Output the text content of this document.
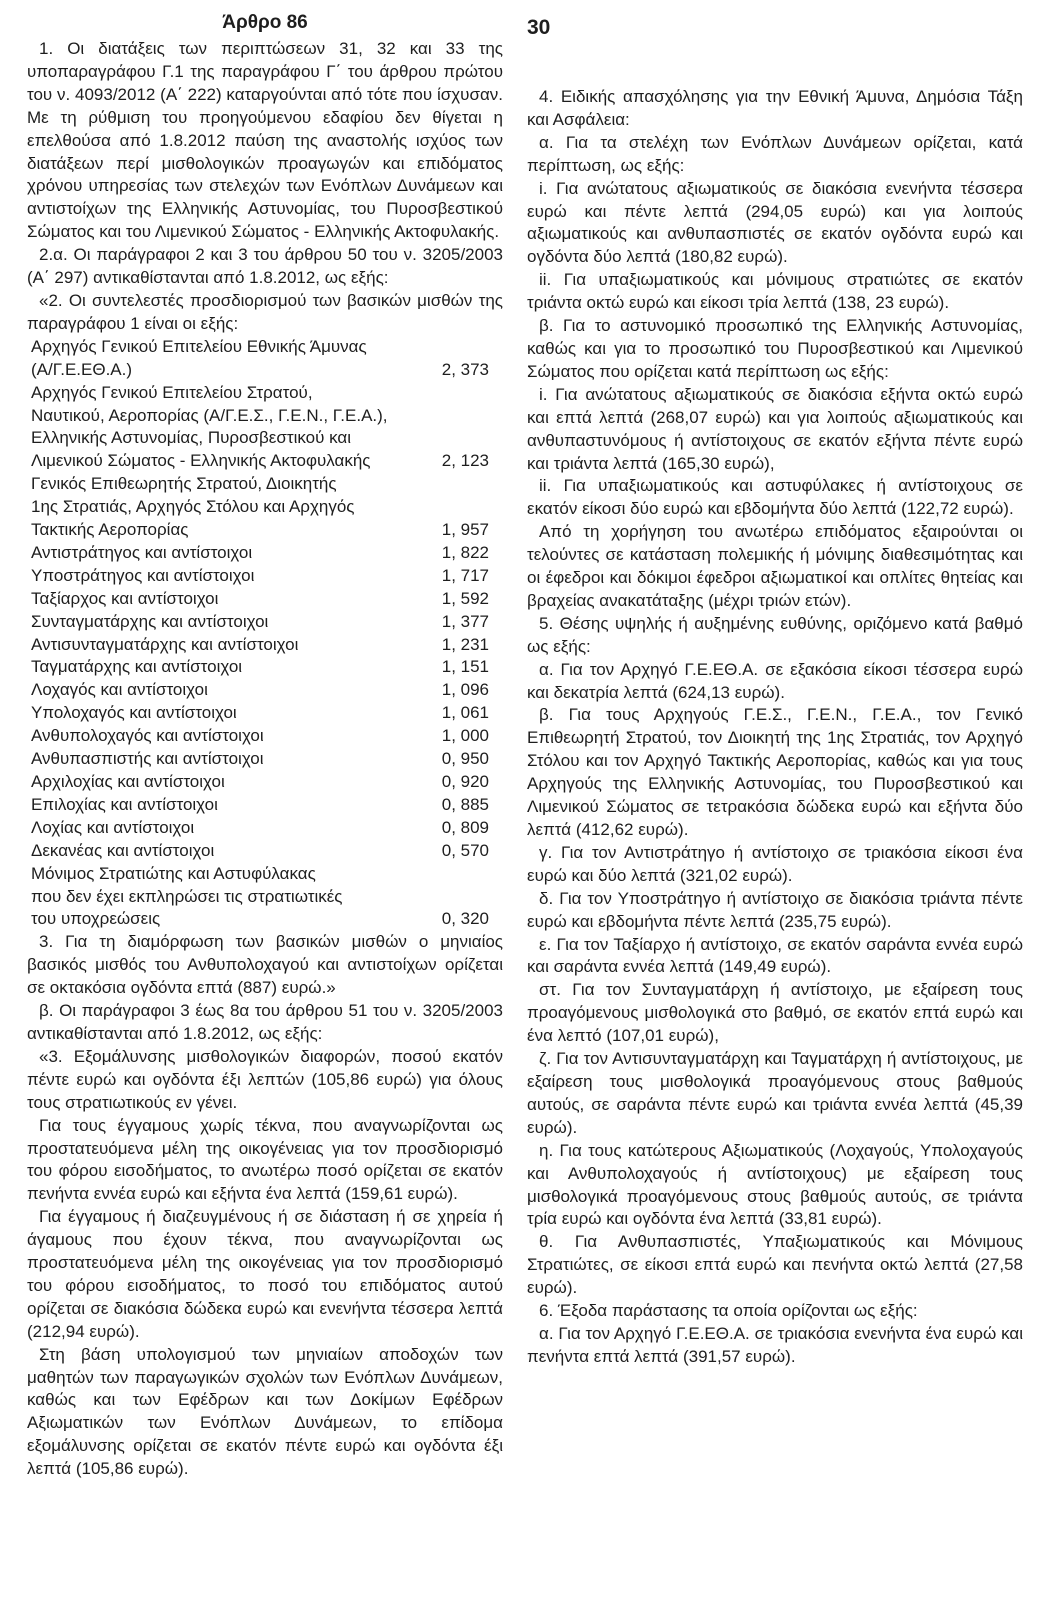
30
Άρθρο 86

1. Οι διατάξεις των περιπτώσεων 31, 32 και 33 της υποπαραγράφου Γ.1 της παραγράφου Γ΄ του άρθρου πρώτου του ν. 4093/2012 (Α΄ 222) καταργούνται από τότε που ίσχυσαν. Με τη ρύθμιση του προηγούμενου εδαφίου δεν θίγεται η επελθούσα από 1.8.2012 παύση της αναστολής ισχύος των διατάξεων περί μισθολογικών προαγωγών και επιδόματος χρόνου υπηρεσίας των στελεχών των Ενόπλων Δυνάμεων και αντιστοίχων της Ελληνικής Αστυνομίας, του Πυροσβεστικού Σώματος και του Λιμενικού Σώματος - Ελληνικής Ακτοφυλακής.

2.α. Οι παράγραφοι 2 και 3 του άρθρου 50 του ν. 3205/2003 (Α΄ 297) αντικαθίστανται από 1.8.2012, ως εξής:

«2. Οι συντελεστές προσδιορισμού των βασικών μισθών της παραγράφου 1 είναι οι εξής:

Αρχηγός Γενικού Επιτελείου Εθνικής Άμυνας
(Α/Γ.Ε.ΕΘ.Α.)	2, 373
Αρχηγός Γενικού Επιτελείου Στρατού,
Ναυτικού, Αεροπορίας (Α/Γ.Ε.Σ., Γ.Ε.Ν., Γ.Ε.Α.),
Ελληνικής Αστυνομίας, Πυροσβεστικού και
Λιμενικού Σώματος - Ελληνικής Ακτοφυλακής	2, 123
Γενικός Επιθεωρητής Στρατού, Διοικητής
1ης Στρατιάς, Αρχηγός Στόλου και Αρχηγός
Τακτικής Αεροπορίας	1, 957
Αντιστράτηγος και αντίστοιχοι	1, 822
Υποστράτηγος και αντίστοιχοι	1, 717
Ταξίαρχος και αντίστοιχοι	1, 592
Συνταγματάρχης και αντίστοιχοι	1, 377
Αντισυνταγματάρχης και αντίστοιχοι	1, 231
Ταγματάρχης και αντίστοιχοι	1, 151
Λοχαγός και αντίστοιχοι	1, 096
Υπολοχαγός και αντίστοιχοι	1, 061
Ανθυπολοχαγός και αντίστοιχοι	1, 000
Ανθυπασπιστής και αντίστοιχοι	0, 950
Αρχιλοχίας και αντίστοιχοι	0, 920
Επιλοχίας και αντίστοιχοι	0, 885
Λοχίας και αντίστοιχοι	0, 809
Δεκανέας και αντίστοιχοι	0, 570
Μόνιμος Στρατιώτης και Αστυφύλακας
που δεν έχει εκπληρώσει τις στρατιωτικές
του υποχρεώσεις	0, 320

3. Για τη διαμόρφωση των βασικών μισθών ο μηνιαίος βασικός μισθός του Ανθυπολοχαγού και αντιστοίχων ορίζεται σε οκτακόσια ογδόντα επτά (887) ευρώ.»

β. Οι παράγραφοι 3 έως 8α του άρθρου 51 του ν. 3205/2003 αντικαθίστανται από 1.8.2012, ως εξής:

«3. Εξομάλυνσης μισθολογικών διαφορών, ποσού εκατόν πέντε ευρώ και ογδόντα έξι λεπτών (105,86 ευρώ) για όλους τους στρατιωτικούς εν γένει.

Για τους έγγαμους χωρίς τέκνα, που αναγνωρίζονται ως προστατευόμενα μέλη της οικογένειας για τον προσδιορισμό του φόρου εισοδήματος, το ανωτέρω ποσό ορίζεται σε εκατόν πενήντα εννέα ευρώ και εξήντα ένα λεπτά (159,61 ευρώ).

Για έγγαμους ή διαζευγμένους ή σε διάσταση ή σε χηρεία ή άγαμους που έχουν τέκνα, που αναγνωρίζονται ως προστατευόμενα μέλη της οικογένειας για τον προσδιορισμό του φόρου εισοδήματος, το ποσό του επιδόματος αυτού ορίζεται σε διακόσια δώδεκα ευρώ και ενενήντα τέσσερα λεπτά (212,94 ευρώ).

Στη βάση υπολογισμού των μηνιαίων αποδοχών των μαθητών των παραγωγικών σχολών των Ενόπλων Δυνάμεων, καθώς και των Εφέδρων και των Δοκίμων Εφέδρων Αξιωματικών των Ενόπλων Δυνάμεων, το επίδομα εξομάλυνσης ορίζεται σε εκατόν πέντε ευρώ και ογδόντα έξι λεπτά (105,86 ευρώ).

4. Ειδικής απασχόλησης για την Εθνική Άμυνα, Δημόσια Τάξη και Ασφάλεια:

α. Για τα στελέχη των Ενόπλων Δυνάμεων ορίζεται, κατά περίπτωση, ως εξής:

i. Για ανώτατους αξιωματικούς σε διακόσια ενενήντα τέσσερα ευρώ και πέντε λεπτά (294,05 ευρώ) και για λοιπούς αξιωματικούς και ανθυπασπιστές σε εκατόν ογδόντα ευρώ και ογδόντα δύο λεπτά (180,82 ευρώ).

ii. Για υπαξιωματικούς και μόνιμους στρατιώτες σε εκατόν τριάντα οκτώ ευρώ και είκοσι τρία λεπτά (138, 23 ευρώ).

β. Για το αστυνομικό προσωπικό της Ελληνικής Αστυνομίας, καθώς και για το προσωπικό του Πυροσβεστικού και Λιμενικού Σώματος που ορίζεται κατά περίπτωση ως εξής:

i. Για ανώτατους αξιωματικούς σε διακόσια εξήντα οκτώ ευρώ και επτά λεπτά (268,07 ευρώ) και για λοιπούς αξιωματικούς και ανθυπαστυνόμους ή αντίστοιχους σε εκατόν εξήντα πέντε ευρώ και τριάντα λεπτά (165,30 ευρώ),

ii. Για υπαξιωματικούς και αστυφύλακες ή αντίστοιχους σε εκατόν είκοσι δύο ευρώ και εβδομήντα δύο λεπτά (122,72 ευρώ).

Από τη χορήγηση του ανωτέρω επιδόματος εξαιρούνται οι τελούντες σε κατάσταση πολεμικής ή μόνιμης διαθεσιμότητας και οι έφεδροι και δόκιμοι έφεδροι αξιωματικοί και οπλίτες θητείας και βραχείας ανακατάταξης (μέχρι τριών ετών).

5. Θέσης υψηλής ή αυξημένης ευθύνης, οριζόμενο κατά βαθμό ως εξής:

α. Για τον Αρχηγό Γ.Ε.ΕΘ.Α. σε εξακόσια είκοσι τέσσερα ευρώ και δεκατρία λεπτά (624,13 ευρώ).

β. Για τους Αρχηγούς Γ.Ε.Σ., Γ.Ε.Ν., Γ.Ε.Α., τον Γενικό Επιθεωρητή Στρατού, τον Διοικητή της 1ης Στρατιάς, τον Αρχηγό Στόλου και τον Αρχηγό Τακτικής Αεροπορίας, καθώς και για τους Αρχηγούς της Ελληνικής Αστυνομίας, του Πυροσβεστικού και Λιμενικού Σώματος σε τετρακόσια δώδεκα ευρώ και εξήντα δύο λεπτά (412,62 ευρώ).

γ. Για τον Αντιστράτηγο ή αντίστοιχο σε τριακόσια είκοσι ένα ευρώ και δύο λεπτά (321,02 ευρώ).

δ. Για τον Υποστράτηγο ή αντίστοιχο σε διακόσια τριάντα πέντε ευρώ και εβδομήντα πέντε λεπτά (235,75 ευρώ).

ε. Για τον Ταξίαρχο ή αντίστοιχο, σε εκατόν σαράντα εννέα ευρώ και σαράντα εννέα λεπτά (149,49 ευρώ).

στ. Για τον Συνταγματάρχη ή αντίστοιχο, με εξαίρεση τους προαγόμενους μισθολογικά στο βαθμό, σε εκατόν επτά ευρώ και ένα λεπτό (107,01 ευρώ),

ζ. Για τον Αντισυνταγματάρχη και Ταγματάρχη ή αντίστοιχους, με εξαίρεση τους μισθολογικά προαγόμενους στους βαθμούς αυτούς, σε σαράντα πέντε ευρώ και τριάντα εννέα λεπτά (45,39 ευρώ).

η. Για τους κατώτερους Αξιωματικούς (Λοχαγούς, Υπολοχαγούς και Ανθυπολοχαγούς ή αντίστοιχους) με εξαίρεση τους μισθολογικά προαγόμενους στους βαθμούς αυτούς, σε τριάντα τρία ευρώ και ογδόντα ένα λεπτά (33,81 ευρώ).

θ. Για Ανθυπασπιστές, Υπαξιωματικούς και Μόνιμους Στρατιώτες, σε είκοσι επτά ευρώ και πενήντα οκτώ λεπτά (27,58 ευρώ).

6. Έξοδα παράστασης τα οποία ορίζονται ως εξής:

α. Για τον Αρχηγό Γ.Ε.ΕΘ.Α. σε τριακόσια ενενήντα ένα ευρώ και πενήντα επτά λεπτά (391,57 ευρώ).
